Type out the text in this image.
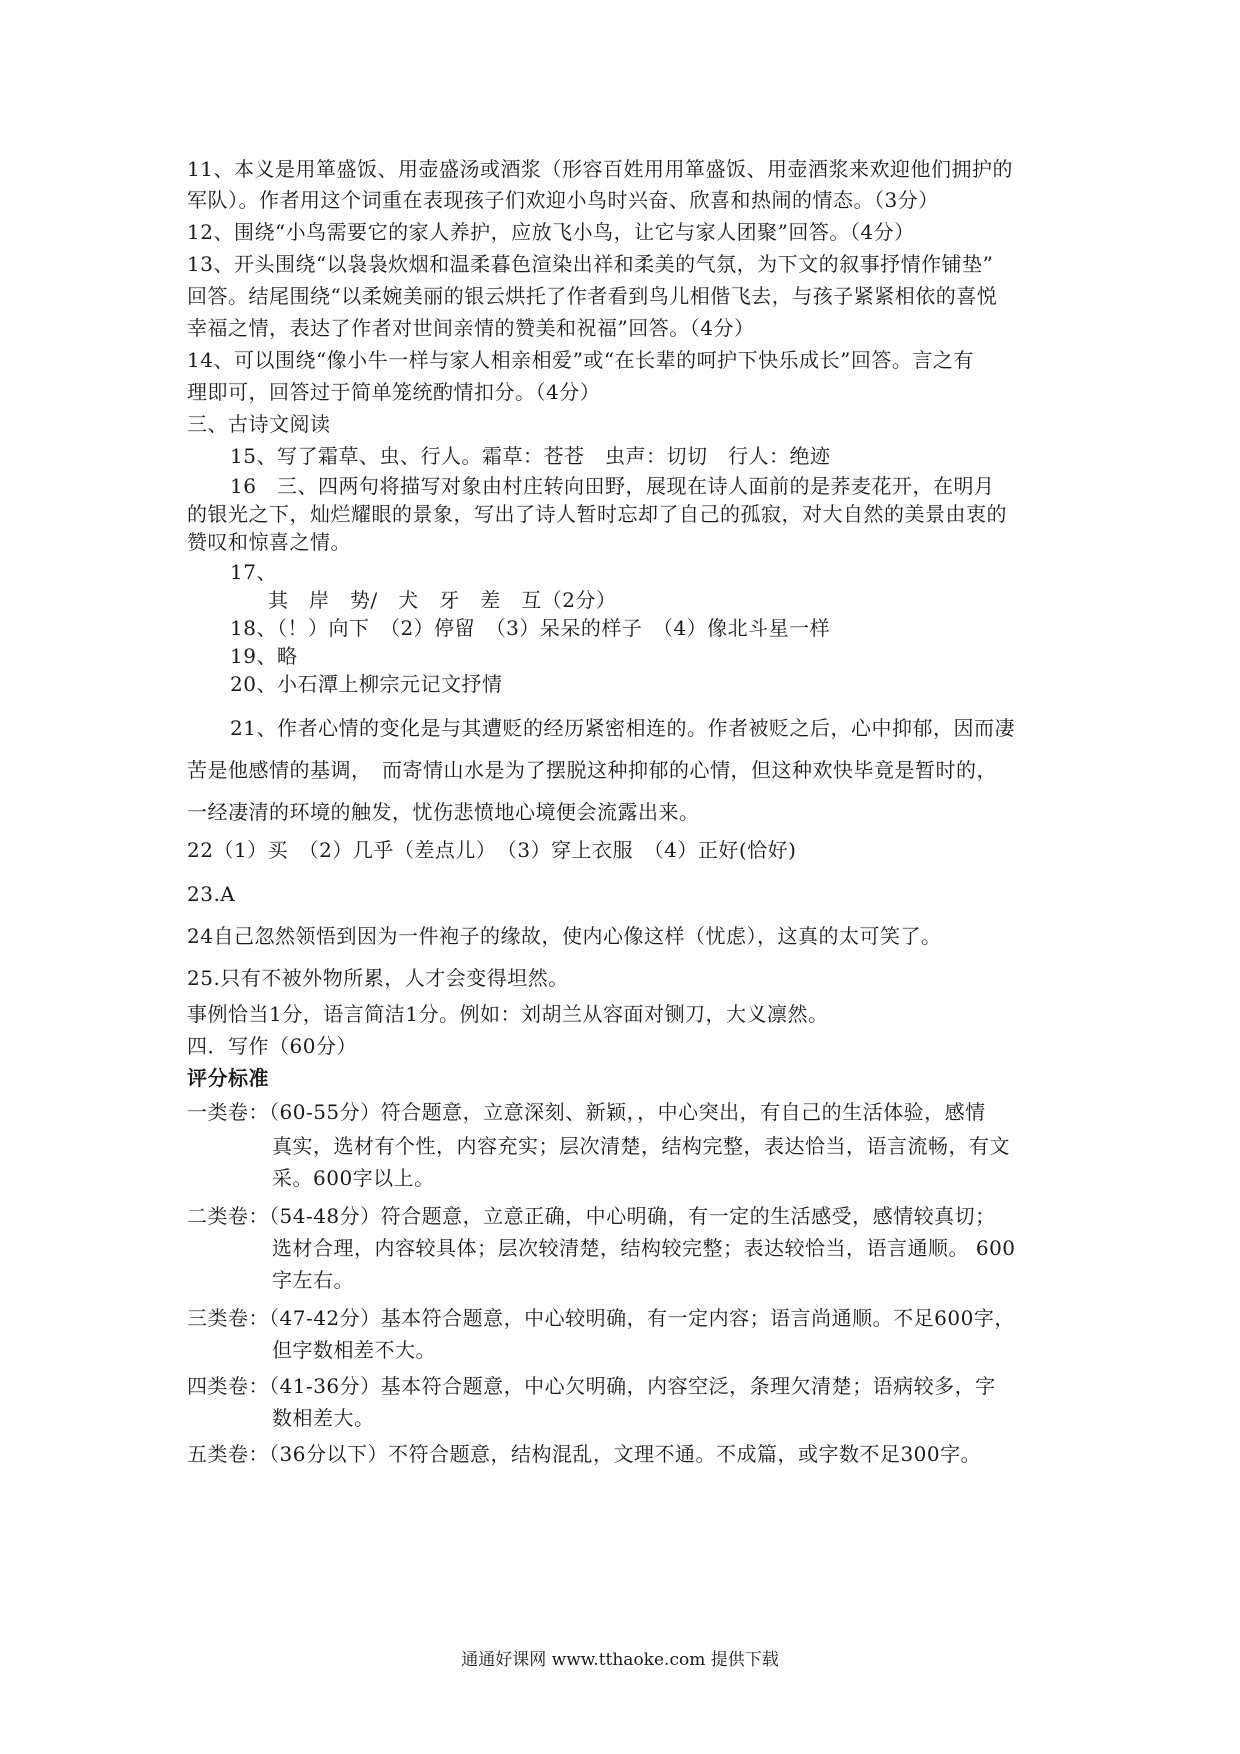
11、本义是用箪盛饭、用壶盛汤或酒浆（形容百姓用用箪盛饭、用壶酒浆来欢迎他们拥护的
军队）。作者用这个词重在表现孩子们欢迎小鸟时兴奋、欣喜和热闹的情态。（3分）
12、围绕“小鸟需要它的家人养护，应放飞小鸟，让它与家人团聚”回答。（4分）
13、开头围绕“以袅袅炊烟和温柔暮色渲染出祥和柔美的气氛，为下文的叙事抒情作铺垫”
回答。结尾围绕“以柔婉美丽的银云烘托了作者看到鸟儿相偕飞去，与孩子紧紧相依的喜悦
幸福之情，表达了作者对世间亲情的赞美和祝福”回答。（4分）
14、可以围绕“像小牛一样与家人相亲相爱”或“在长辈的呵护下快乐成长”回答。言之有
理即可，回答过于简单笼统酌情扣分。（4分）
三、古诗文阅读
15、写了霜草、虫、行人。霜草：苍苍　虫声：切切　行人：绝迹
16　三、四两句将描写对象由村庄转向田野，展现在诗人面前的是荞麦花开，在明月
的银光之下，灿烂耀眼的景象，写出了诗人暂时忘却了自己的孤寂，对大自然的美景由衷的
赞叹和惊喜之情。
17、
其　岸　势/　犬　牙　差　互（2分）
18、（！）向下　（2）停留　（3）呆呆的样子　（4）像北斗星一样
19、略
20、小石潭上柳宗元记文抒情
21、作者心情的变化是与其遭贬的经历紧密相连的。作者被贬之后，心中抑郁，因而凄
苦是他感情的基调，　而寄情山水是为了摆脱这种抑郁的心情，但这种欢快毕竟是暂时的，
一经凄清的环境的触发，忧伤悲愤地心境便会流露出来。
22（1）买　（2）几乎（差点儿）　（3）穿上衣服　（4）正好(恰好)
23.A
24自己忽然领悟到因为一件袍子的缘故，使内心像这样（忧虑），这真的太可笑了。
25.只有不被外物所累，人才会变得坦然。
事例恰当1分，语言简洁1分。例如：刘胡兰从容面对铡刀，大义凛然。
四．写作（60分）
评分标准
一类卷：（60-55分）符合题意，立意深刻、新颖，，中心突出，有自己的生活体验，感情
真实，选材有个性，内容充实；层次清楚，结构完整，表达恰当，语言流畅，有文
采。600字以上。
二类卷：（54-48分）符合题意，立意正确，中心明确，有一定的生活感受，感情较真切；
选材合理，内容较具体；层次较清楚，结构较完整；表达较恰当，语言通顺。 600
字左右。
三类卷：（47-42分）基本符合题意，中心较明确，有一定内容；语言尚通顺。不足600字，
但字数相差不大。
四类卷：（41-36分）基本符合题意，中心欠明确，内容空泛，条理欠清楚；语病较多，字
数相差大。
五类卷：（36分以下）不符合题意，结构混乱，文理不通。不成篇，或字数不足300字。
通通好课网 www.tthaoke.com 提供下载
